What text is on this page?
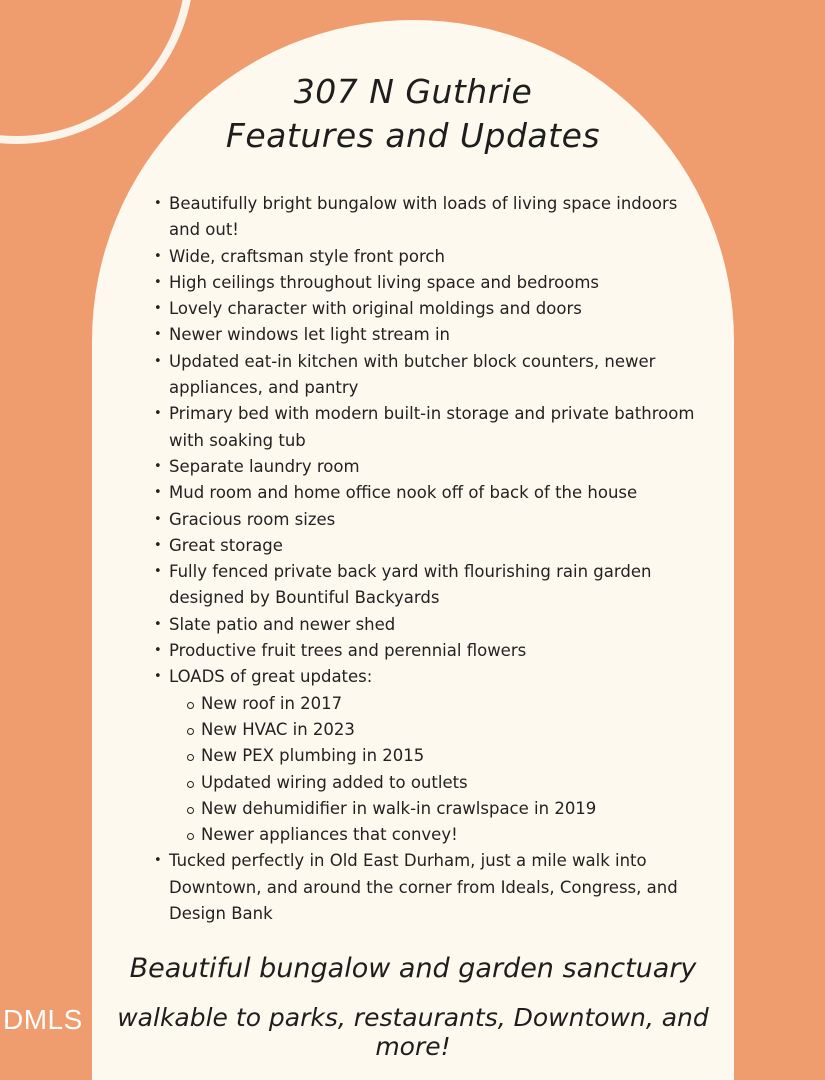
307 N Guthrie
Features and Updates
• Beautifully bright bungalow with loads of living space indoors and out!
• Wide, craftsman style front porch
• High ceilings throughout living space and bedrooms
• Lovely character with original moldings and doors
• Newer windows let light stream in
• Updated eat-in kitchen with butcher block counters, newer appliances, and pantry
• Primary bed with modern built-in storage and private bathroom with soaking tub
• Separate laundry room
• Mud room and home office nook off of back of the house
• Gracious room sizes
• Great storage
• Fully fenced private back yard with flourishing rain garden designed by Bountiful Backyards
• Slate patio and newer shed
• Productive fruit trees and perennial flowers
• LOADS of great updates:
New roof in 2017
New HVAC in 2023
New PEX plumbing in 2015
Updated wiring added to outlets
New dehumidifier in walk-in crawlspace in 2019
Newer appliances that convey!
• Tucked perfectly in Old East Durham, just a mile walk into Downtown, and around the corner from Ideals, Congress, and Design Bank
Beautiful bungalow and garden sanctuary
walkable to parks, restaurants, Downtown, and more!
DMLS
